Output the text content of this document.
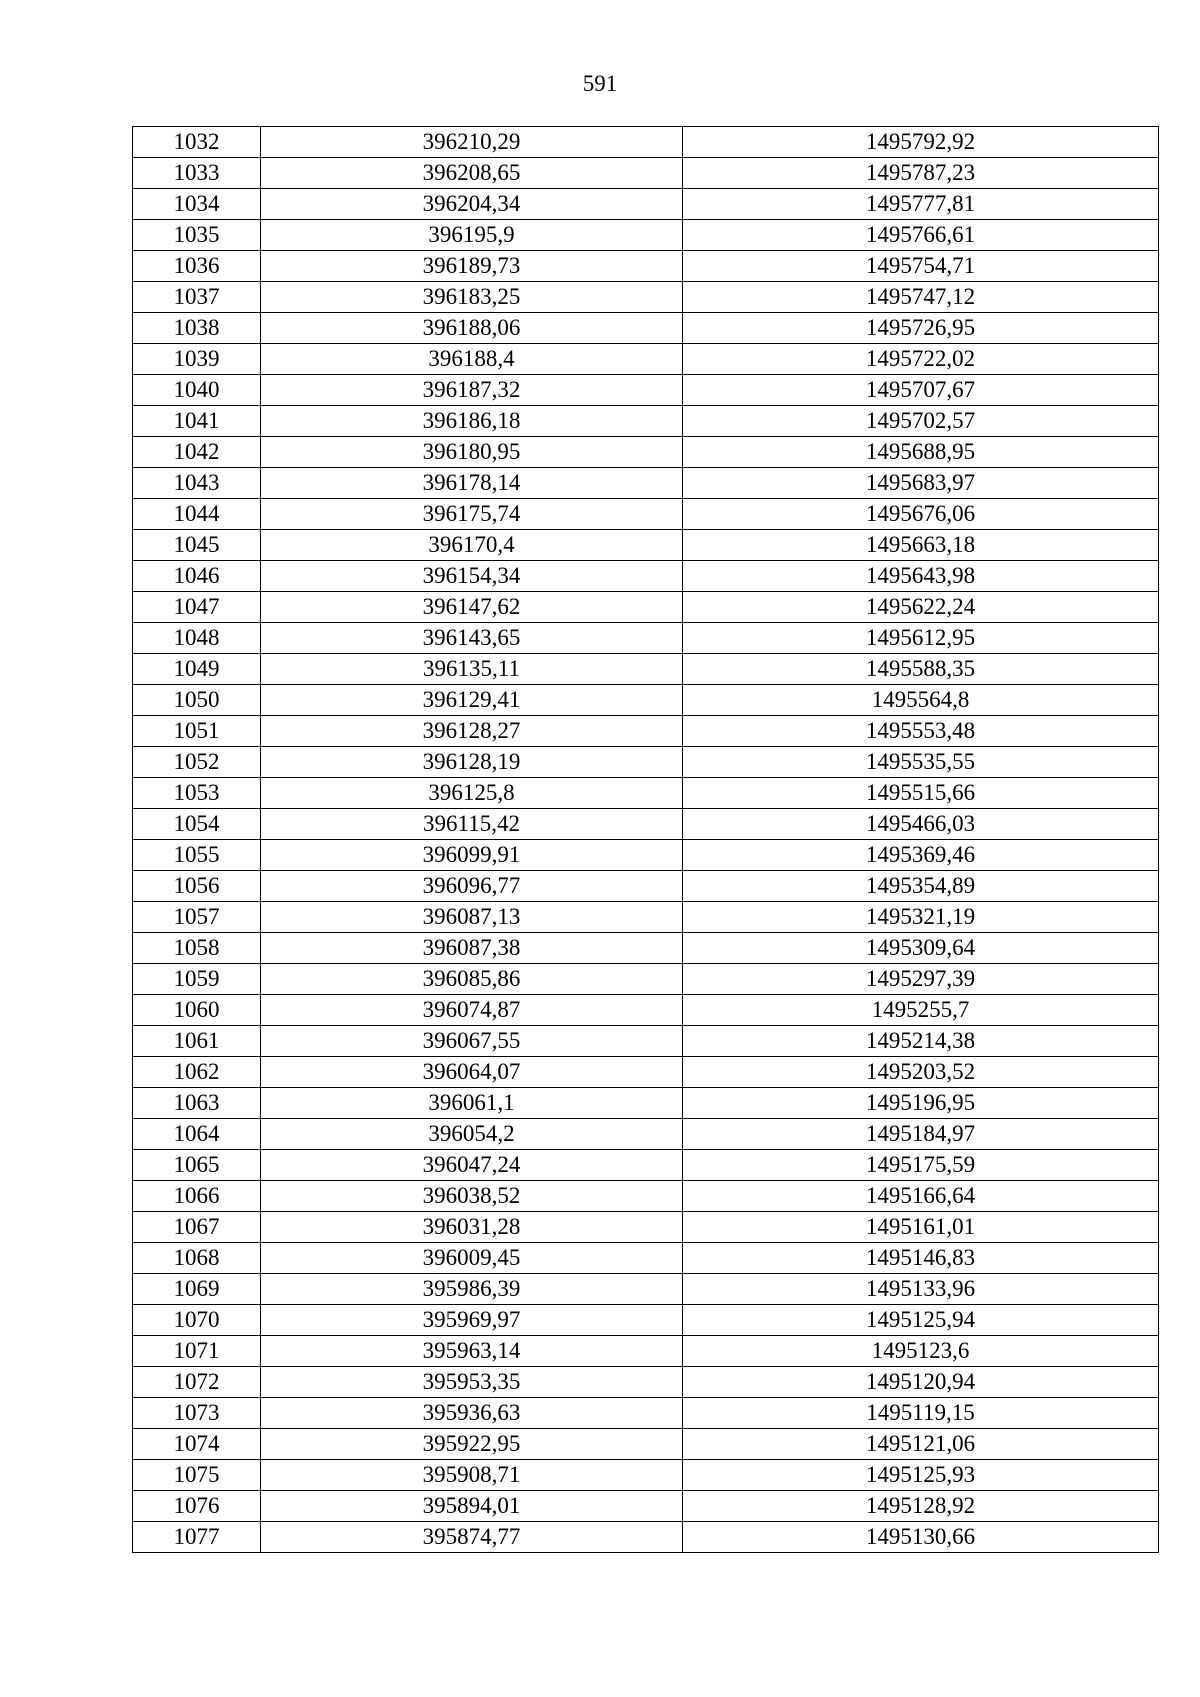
591
1032	396210,29	1495792,92
1033	396208,65	1495787,23
1034	396204,34	1495777,81
1035	396195,9	1495766,61
1036	396189,73	1495754,71
1037	396183,25	1495747,12
1038	396188,06	1495726,95
1039	396188,4	1495722,02
1040	396187,32	1495707,67
1041	396186,18	1495702,57
1042	396180,95	1495688,95
1043	396178,14	1495683,97
1044	396175,74	1495676,06
1045	396170,4	1495663,18
1046	396154,34	1495643,98
1047	396147,62	1495622,24
1048	396143,65	1495612,95
1049	396135,11	1495588,35
1050	396129,41	1495564,8
1051	396128,27	1495553,48
1052	396128,19	1495535,55
1053	396125,8	1495515,66
1054	396115,42	1495466,03
1055	396099,91	1495369,46
1056	396096,77	1495354,89
1057	396087,13	1495321,19
1058	396087,38	1495309,64
1059	396085,86	1495297,39
1060	396074,87	1495255,7
1061	396067,55	1495214,38
1062	396064,07	1495203,52
1063	396061,1	1495196,95
1064	396054,2	1495184,97
1065	396047,24	1495175,59
1066	396038,52	1495166,64
1067	396031,28	1495161,01
1068	396009,45	1495146,83
1069	395986,39	1495133,96
1070	395969,97	1495125,94
1071	395963,14	1495123,6
1072	395953,35	1495120,94
1073	395936,63	1495119,15
1074	395922,95	1495121,06
1075	395908,71	1495125,93
1076	395894,01	1495128,92
1077	395874,77	1495130,66
